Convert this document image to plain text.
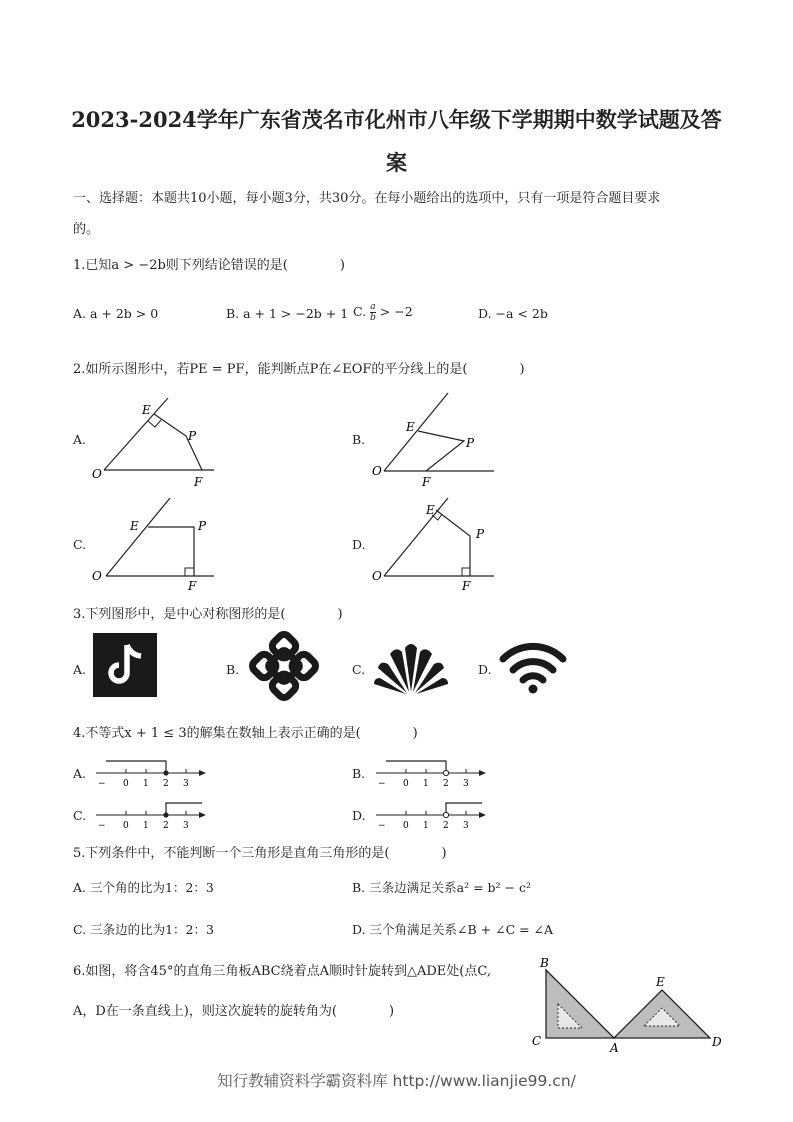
2023-2024学年广东省茂名市化州市八年级下学期期中数学试题及答
案
一、选择题：本题共10小题，每小题3分，共30分。在每小题给出的选项中，只有一项是符合题目要求
的。
1.已知a > −2b则下列结论错误的是(　　　　)
A. a + 2b > 0	B. a + 1 > −2b + 1 C. $\frac{a}{b} > -2$	D. −a < 2b
2.如所示图形中，若PE = PF，能判断点P在∠EOF的平分线上的是(　　　　)
A.
O
E
P
F
B.
O
E
P
F
C.
O
E	P
F
D.
O
E
P
F
3.下列图形中，是中心对称图形的是(　　　　)
A.	B.	C.	D.
4.不等式x + 1 ≤ 3的解集在数轴上表示正确的是(　　　　)
A.
− 0 1 2 3
B.
− 0 1 2 3
C.
− 0 1 2 3
D.
− 0 1 2 3
5.下列条件中，不能判断一个三角形是直角三角形的是(　　　　)
A. 三个角的比为1：2：3	B. 三条边满足关系a² = b² − c²
C. 三条边的比为1：2：3	D. 三个角满足关系∠B + ∠C = ∠A
6.如图，将含45°的直角三角板ABC绕着点A顺时针旋转到△ADE处(点C,
A，D在一条直线上)，则这次旋转的旋转角为(　　　　)
B
C	A
E
D
知行教辅资料学霸资料库 http://www.lianjie99.cn/
